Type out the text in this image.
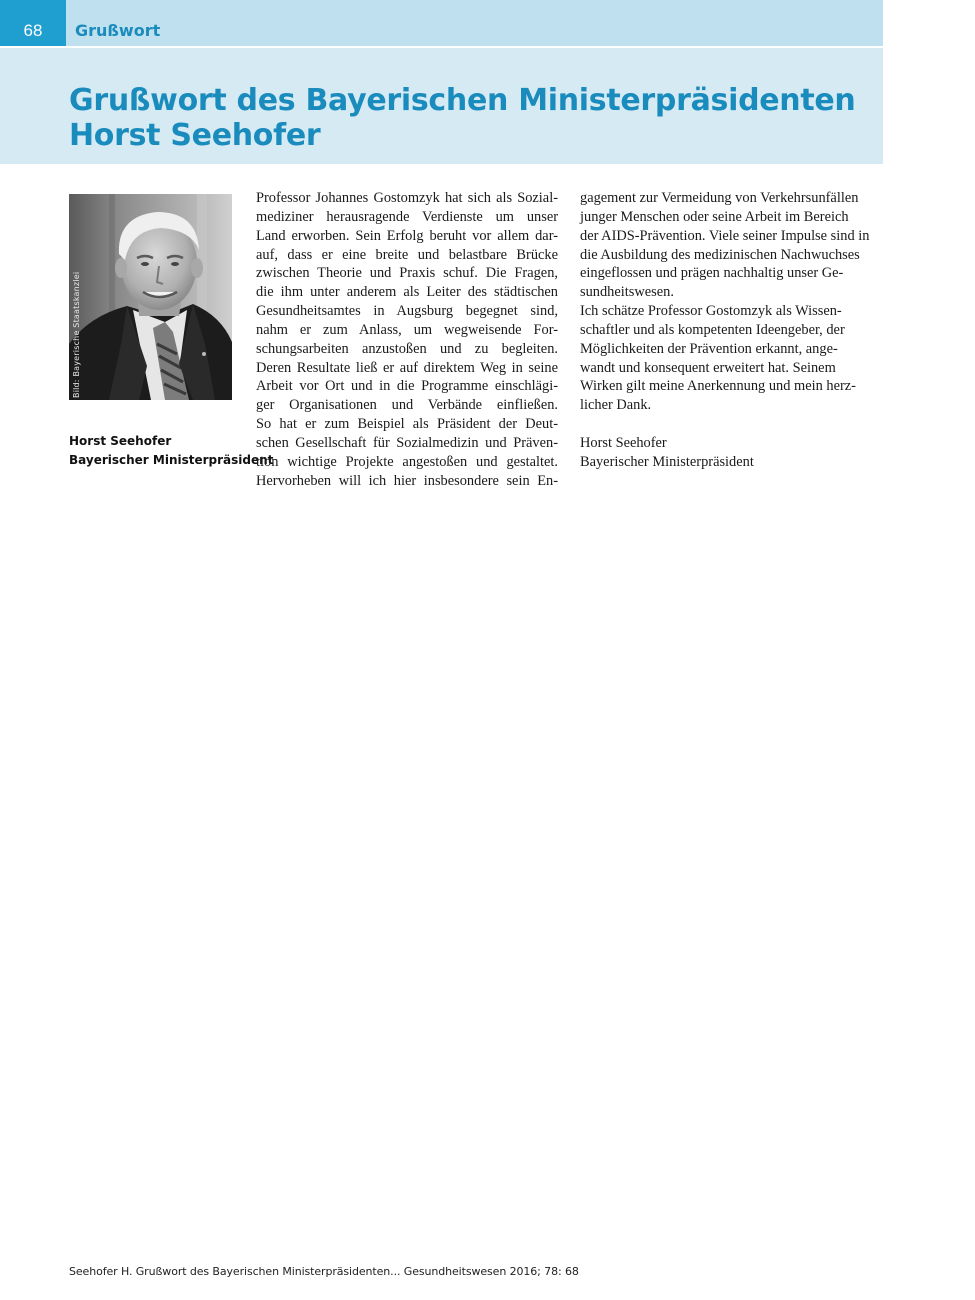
68	Grußwort
Grußwort des Bayerischen Ministerpräsidenten
Horst Seehofer
Bild: Bayerische Staatskanzlei
Horst Seehofer
Bayerischer Ministerpräsident

Professor Johannes Gostomzyk hat sich als Sozial-
mediziner herausragende Verdienste um unser
Land erworben. Sein Erfolg beruht vor allem dar-
auf, dass er eine breite und belastbare Brücke
zwischen Theorie und Praxis schuf. Die Fragen,
die ihm unter anderem als Leiter des städtischen
Gesundheitsamtes in Augsburg begegnet sind,
nahm er zum Anlass, um wegweisende For-
schungsarbeiten anzustoßen und zu begleiten.
Deren Resultate ließ er auf direktem Weg in seine
Arbeit vor Ort und in die Programme einschlägi-
ger Organisationen und Verbände einfließen.

So hat er zum Beispiel als Präsident der Deut-
schen Gesellschaft für Sozialmedizin und Präven-
tion wichtige Projekte angestoßen und gestaltet.
Hervorheben will ich hier insbesondere sein En-

gagement zur Vermeidung von Verkehrsunfällen
junger Menschen oder seine Arbeit im Bereich
der AIDS-Prävention. Viele seiner Impulse sind in
die Ausbildung des medizinischen Nachwuchses
eingeflossen und prägen nachhaltig unser Ge-
sundheitswesen.

Ich schätze Professor Gostomzyk als Wissen-
schaftler und als kompetenten Ideengeber, der
Möglichkeiten der Prävention erkannt, ange-
wandt und konsequent erweitert hat. Seinem
Wirken gilt meine Anerkennung und mein herz-
licher Dank.

Horst Seehofer
Bayerischer Ministerpräsident
Seehofer H. Grußwort des Bayerischen Ministerpräsidenten... Gesundheitswesen 2016; 78: 68
